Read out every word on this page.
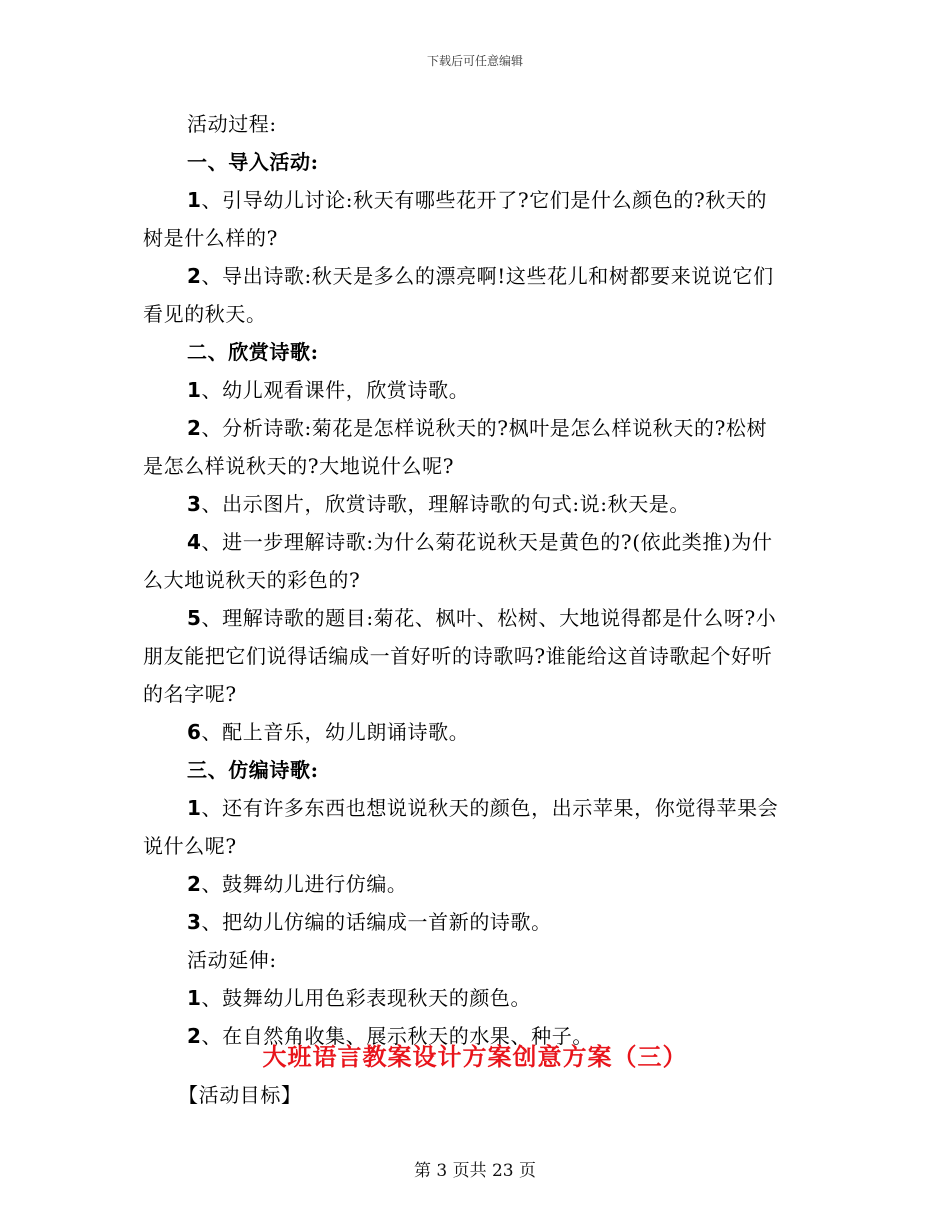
下载后可任意编辑
活动过程:
一、导入活动:
1、引导幼儿讨论:秋天有哪些花开了?它们是什么颜色的?秋天的
树是什么样的?
2、导出诗歌:秋天是多么的漂亮啊!这些花儿和树都要来说说它们
看见的秋天。
二、欣赏诗歌:
1、幼儿观看课件，欣赏诗歌。
2、分析诗歌:菊花是怎样说秋天的?枫叶是怎么样说秋天的?松树
是怎么样说秋天的?大地说什么呢?
3、出示图片，欣赏诗歌，理解诗歌的句式:说:秋天是。
4、进一步理解诗歌:为什么菊花说秋天是黄色的?(依此类推)为什
么大地说秋天的彩色的?
5、理解诗歌的题目:菊花、枫叶、松树、大地说得都是什么呀?小
朋友能把它们说得话编成一首好听的诗歌吗?谁能给这首诗歌起个好听
的名字呢?
6、配上音乐，幼儿朗诵诗歌。
三、仿编诗歌:
1、还有许多东西也想说说秋天的颜色，出示苹果，你觉得苹果会
说什么呢?
2、鼓舞幼儿进行仿编。
3、把幼儿仿编的话编成一首新的诗歌。
活动延伸:
1、鼓舞幼儿用色彩表现秋天的颜色。
2、在自然角收集、展示秋天的水果、种子。
大班语言教案设计方案创意方案（三）
【活动目标】
第 3 页共 23 页
